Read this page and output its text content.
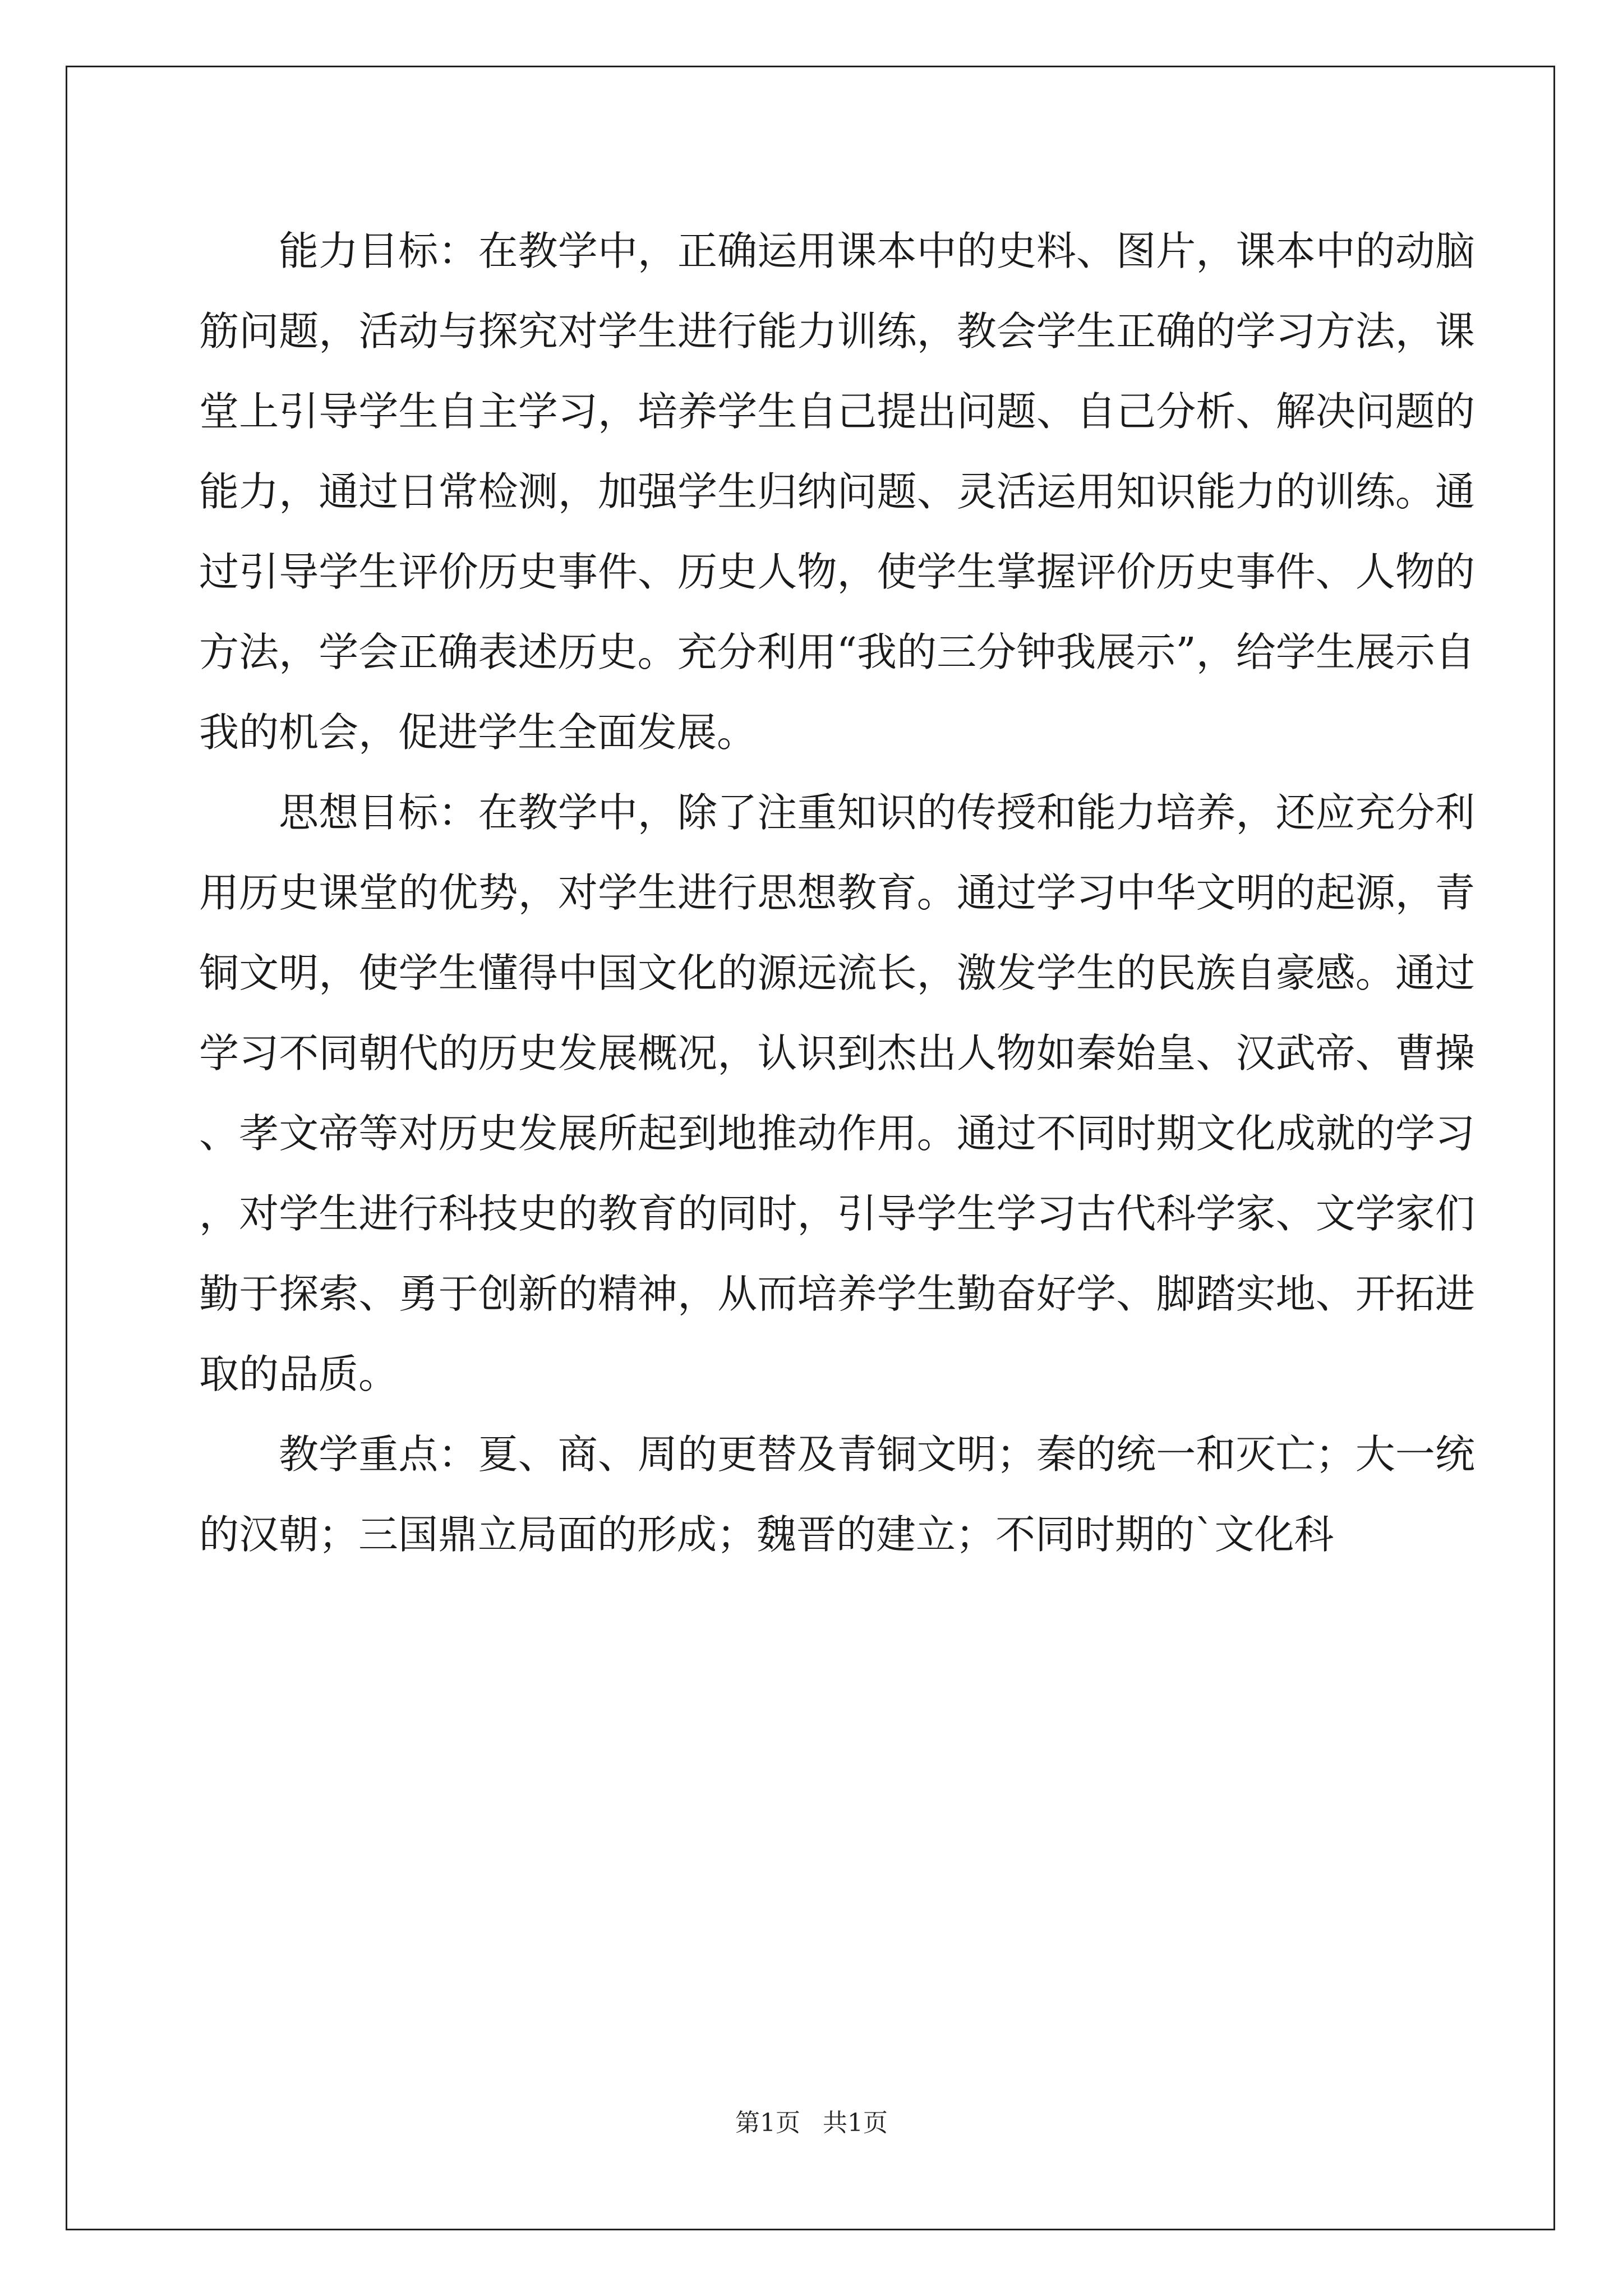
能力目标：在教学中，正确运用课本中的史料、图片，课本中的动脑筋问题，活动与探究对学生进行能力训练，教会学生正确的学习方法，课堂上引导学生自主学习，培养学生自己提出问题、自己分析、解决问题的能力，通过日常检测，加强学生归纳问题、灵活运用知识能力的训练。通过引导学生评价历史事件、历史人物，使学生掌握评价历史事件、人物的方法，学会正确表述历史。充分利用“我的三分钟我展示”，给学生展示自我的机会，促进学生全面发展。

思想目标：在教学中，除了注重知识的传授和能力培养，还应充分利用历史课堂的优势，对学生进行思想教育。通过学习中华文明的起源，青铜文明，使学生懂得中国文化的源远流长，激发学生的民族自豪感。通过学习不同朝代的历史发展概况，认识到杰出人物如秦始皇、汉武帝、曹操、孝文帝等对历史发展所起到地推动作用。通过不同时期文化成就的学习，对学生进行科技史的教育的同时，引导学生学习古代科学家、文学家们勤于探索、勇于创新的精神，从而培养学生勤奋好学、脚踏实地、开拓进取的品质。

教学重点：夏、商、周的更替及青铜文明；秦的统一和灭亡；大一统的汉朝；三国鼎立局面的形成；魏晋的建立；不同时期的`文化科

第1页 共1页
